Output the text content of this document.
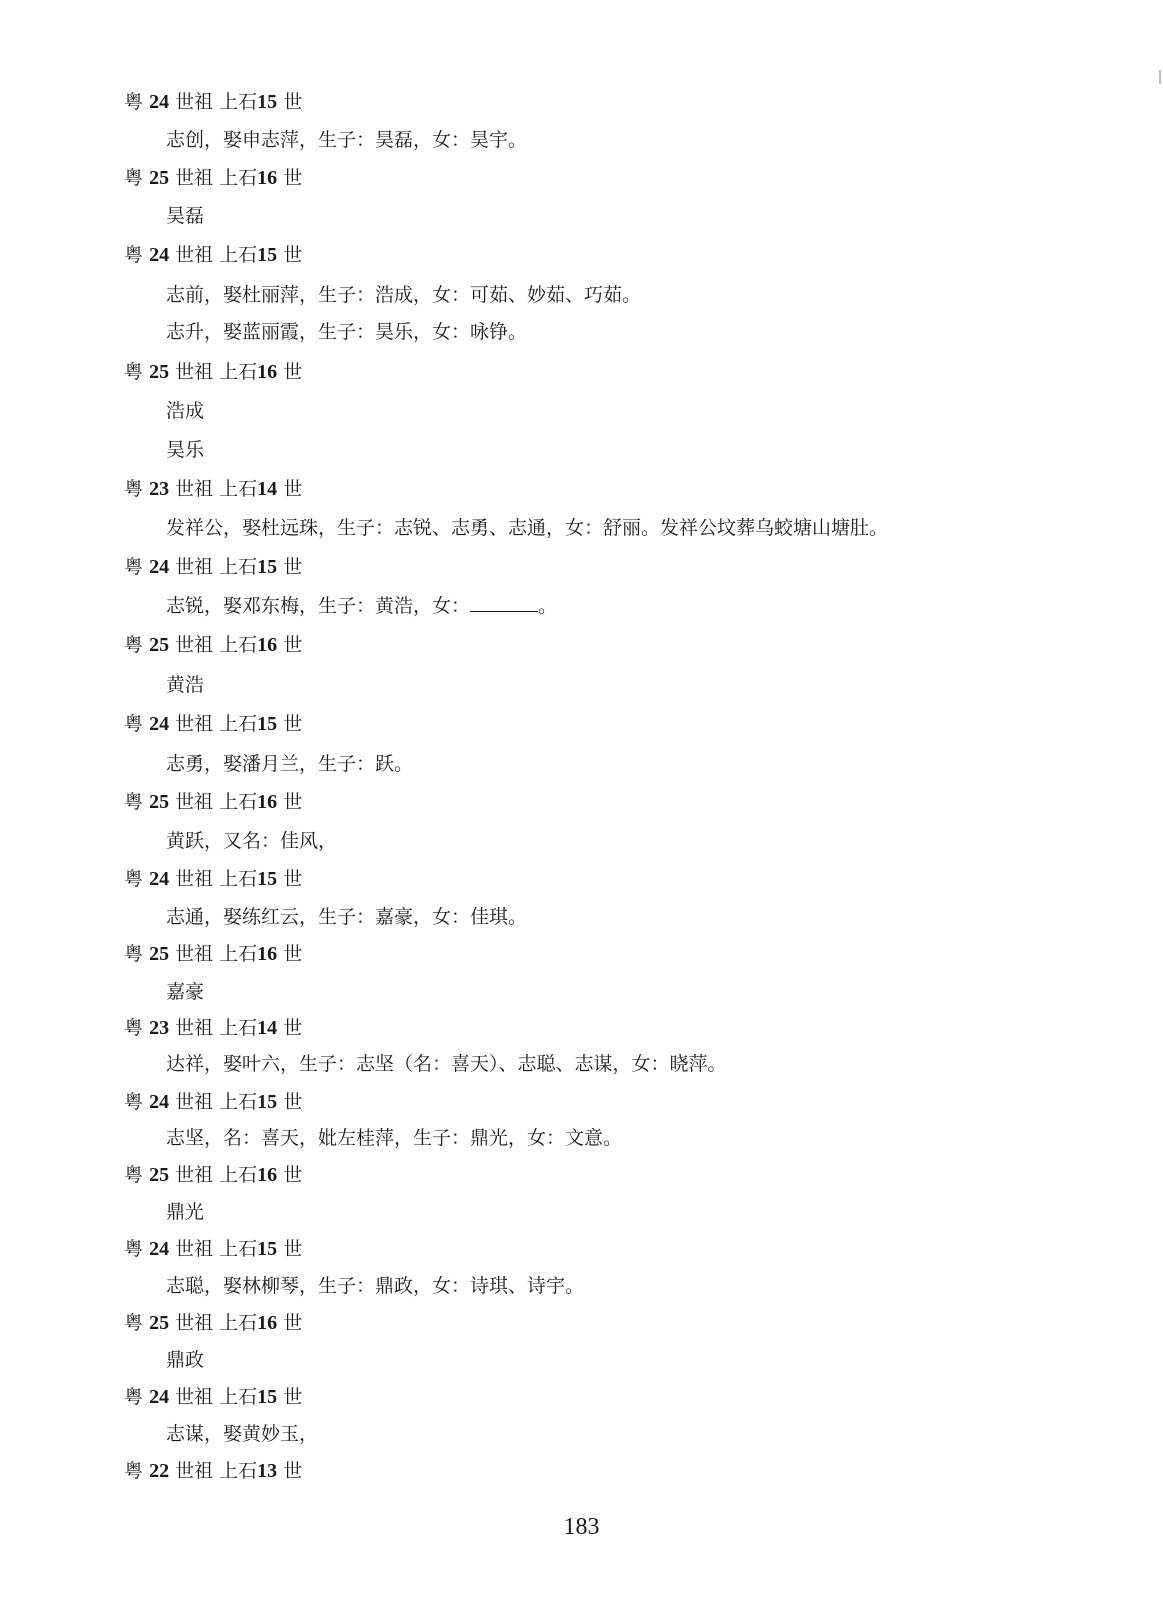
粤 24 世祖 上石15 世
志创，娶申志萍，生子：昊磊，女：昊宇。
粤 25 世祖 上石16 世
昊磊
粤 24 世祖 上石15 世
志前，娶杜丽萍，生子：浩成，女：可茹、妙茹、巧茹。
志升，娶蓝丽霞，生子：昊乐，女：咏铮。
粤 25 世祖 上石16 世
浩成
昊乐
粤 23 世祖 上石14 世
发祥公，娶杜远珠，生子：志锐、志勇、志通，女：舒丽。发祥公坟葬乌蛟塘山塘肚。
粤 24 世祖 上石15 世
志锐，娶邓东梅，生子：黄浩，女：	。
粤 25 世祖 上石16 世
黄浩
粤 24 世祖 上石15 世
志勇，娶潘月兰，生子：跃。
粤 25 世祖 上石16 世
黄跃，又名：佳风，
粤 24 世祖 上石15 世
志通，娶练红云，生子：嘉豪，女：佳琪。
粤 25 世祖 上石16 世
嘉豪
粤 23 世祖 上石14 世
达祥，娶叶六，生子：志坚（名：喜天）、志聪、志谋，女：晓萍。
粤 24 世祖 上石15 世
志坚，名：喜天，妣左桂萍，生子：鼎光，女：文意。
粤 25 世祖 上石16 世
鼎光
粤 24 世祖 上石15 世
志聪，娶林柳琴，生子：鼎政，女：诗琪、诗宇。
粤 25 世祖 上石16 世
鼎政
粤 24 世祖 上石15 世
志谋，娶黄妙玉，
粤 22 世祖 上石13 世
183
